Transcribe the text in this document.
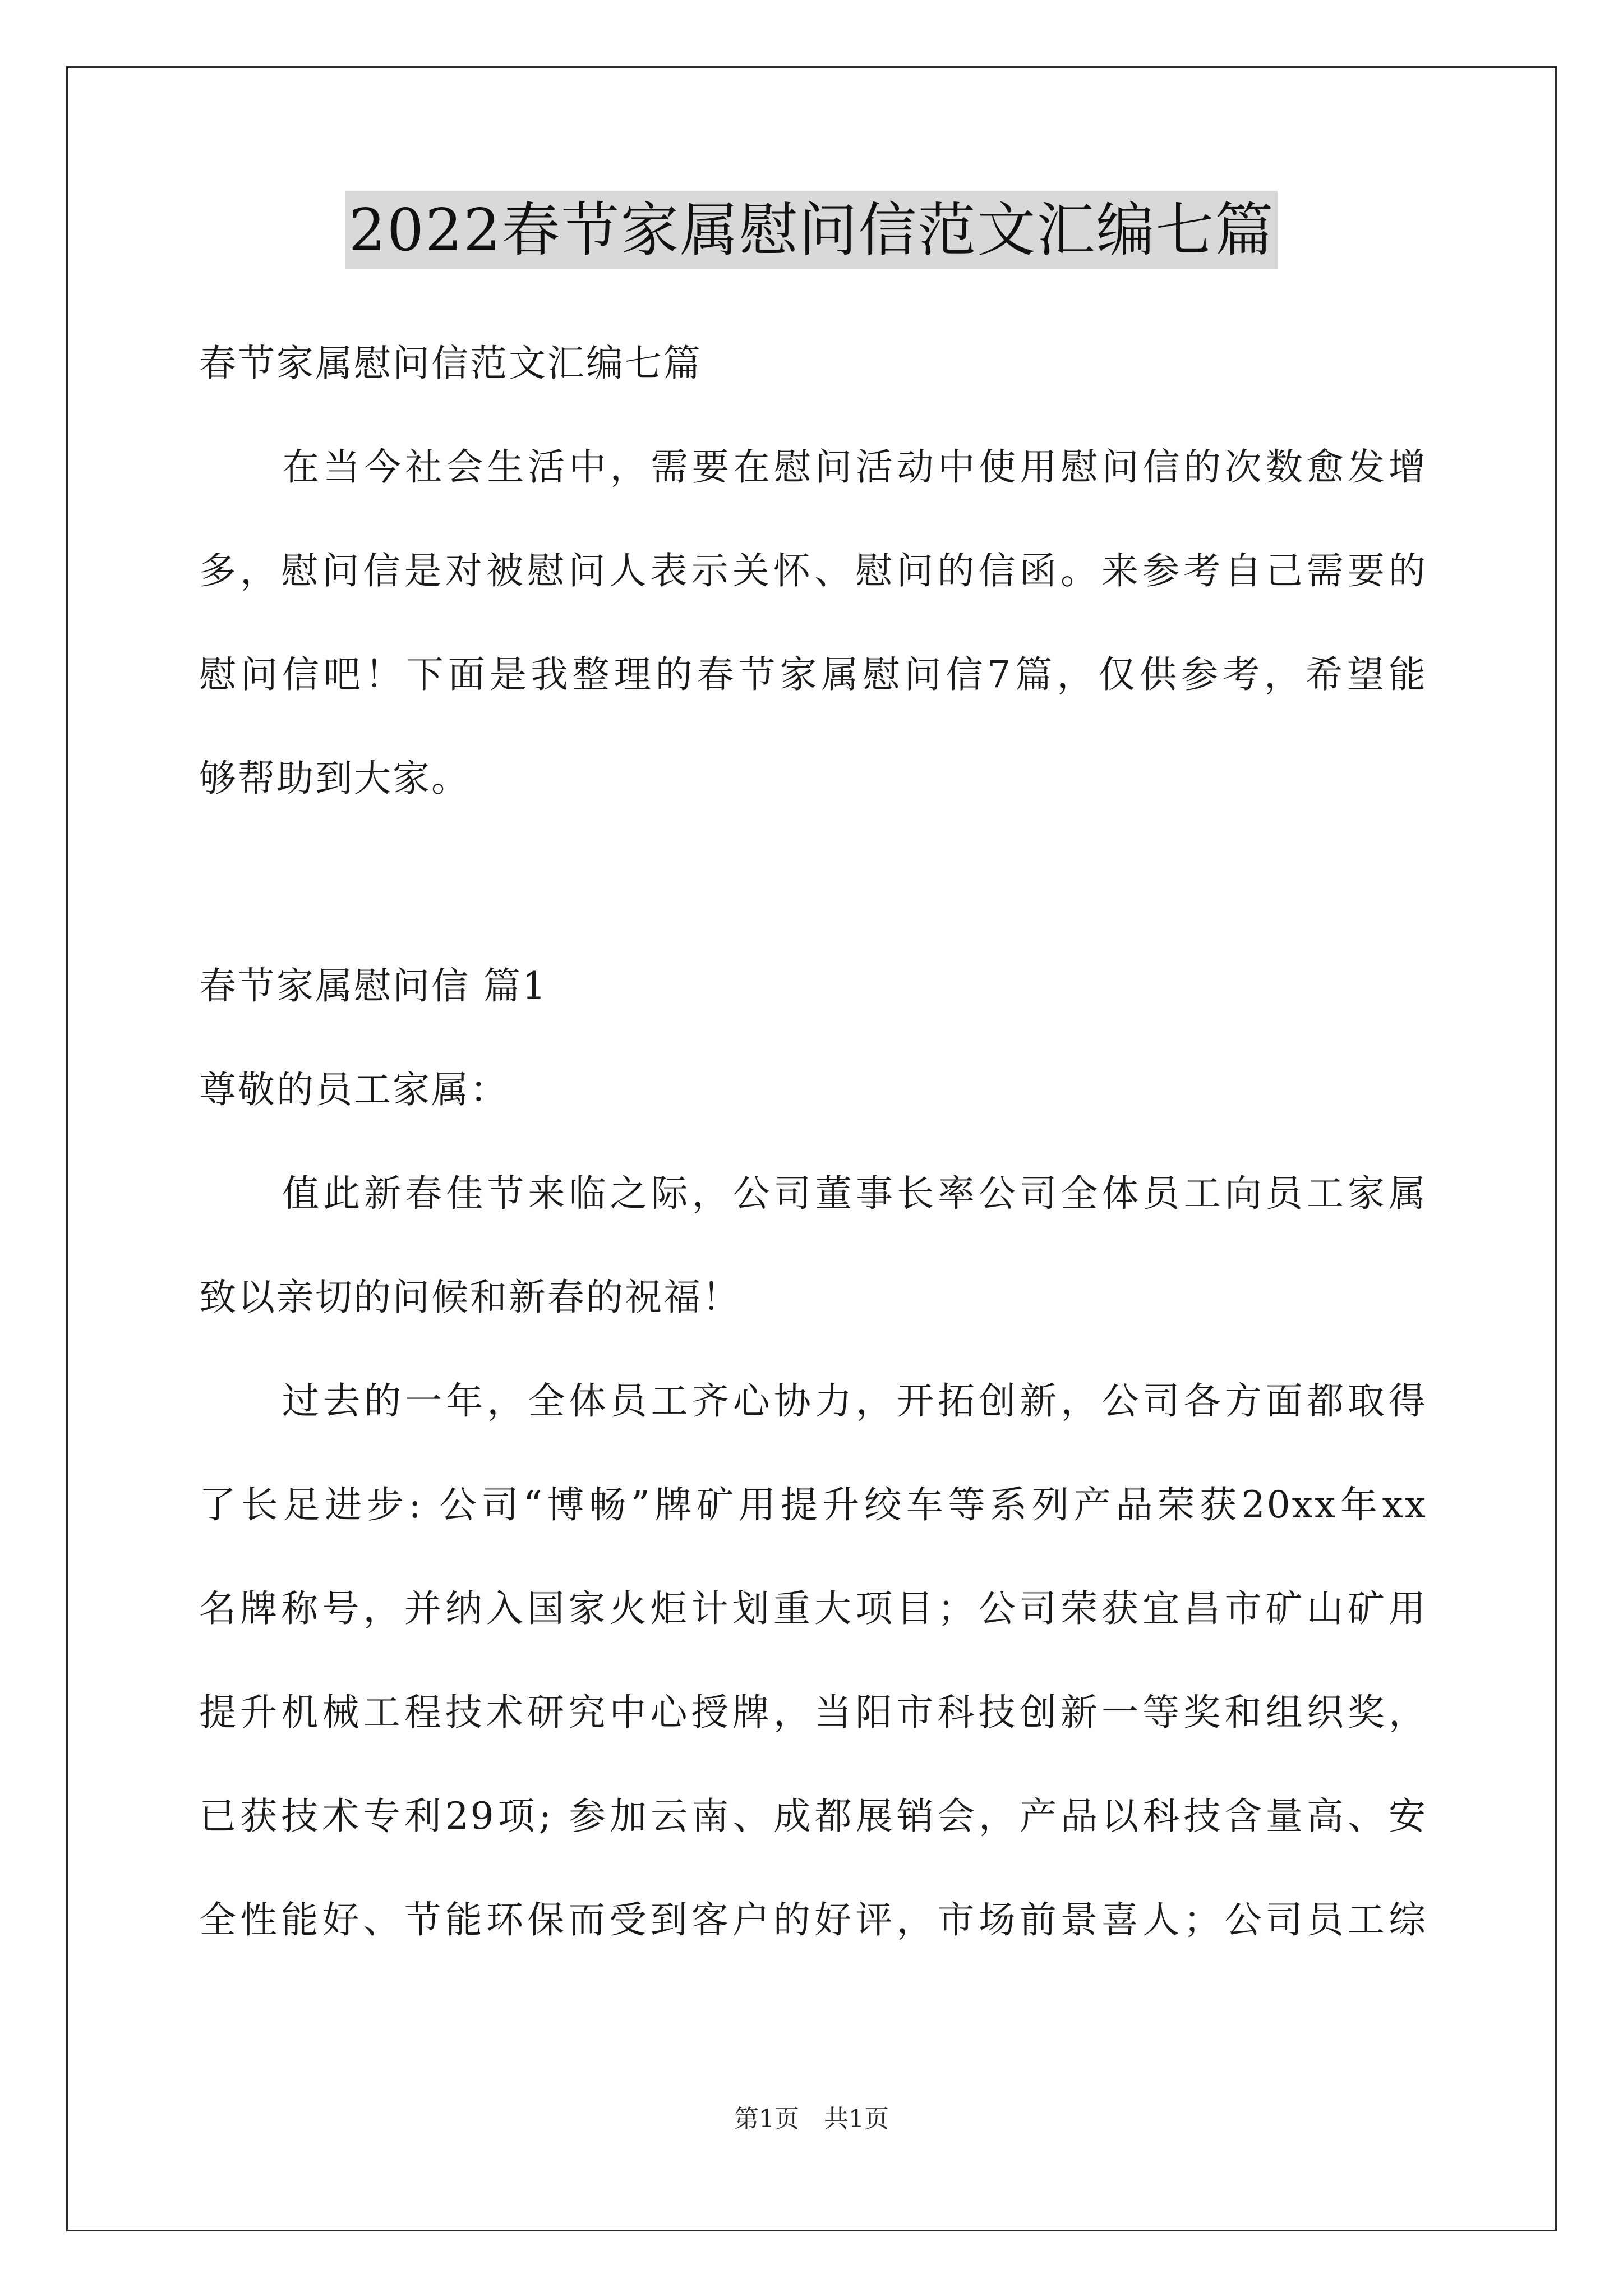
2022春节家属慰问信范文汇编七篇
春节家属慰问信范文汇编七篇
在当今社会生活中，需要在慰问活动中使用慰问信的次数愈发增
多，慰问信是对被慰问人表示关怀、慰问的信函。来参考自己需要的
慰问信吧！下面是我整理的春节家属慰问信7篇，仅供参考，希望能
够帮助到大家。
春节家属慰问信 篇1
尊敬的员工家属：
值此新春佳节来临之际，公司董事长率公司全体员工向员工家属
致以亲切的问候和新春的祝福！
过去的一年，全体员工齐心协力，开拓创新，公司各方面都取得
了长足进步: 公司“博畅”牌矿用提升绞车等系列产品荣获20xx年xx
名牌称号，并纳入国家火炬计划重大项目；公司荣获宜昌市矿山矿用
提升机械工程技术研究中心授牌，当阳市科技创新一等奖和组织奖，
已获技术专利29项; 参加云南、成都展销会，产品以科技含量高、安
全性能好、节能环保而受到客户的好评，市场前景喜人；公司员工综
第1页 共1页
